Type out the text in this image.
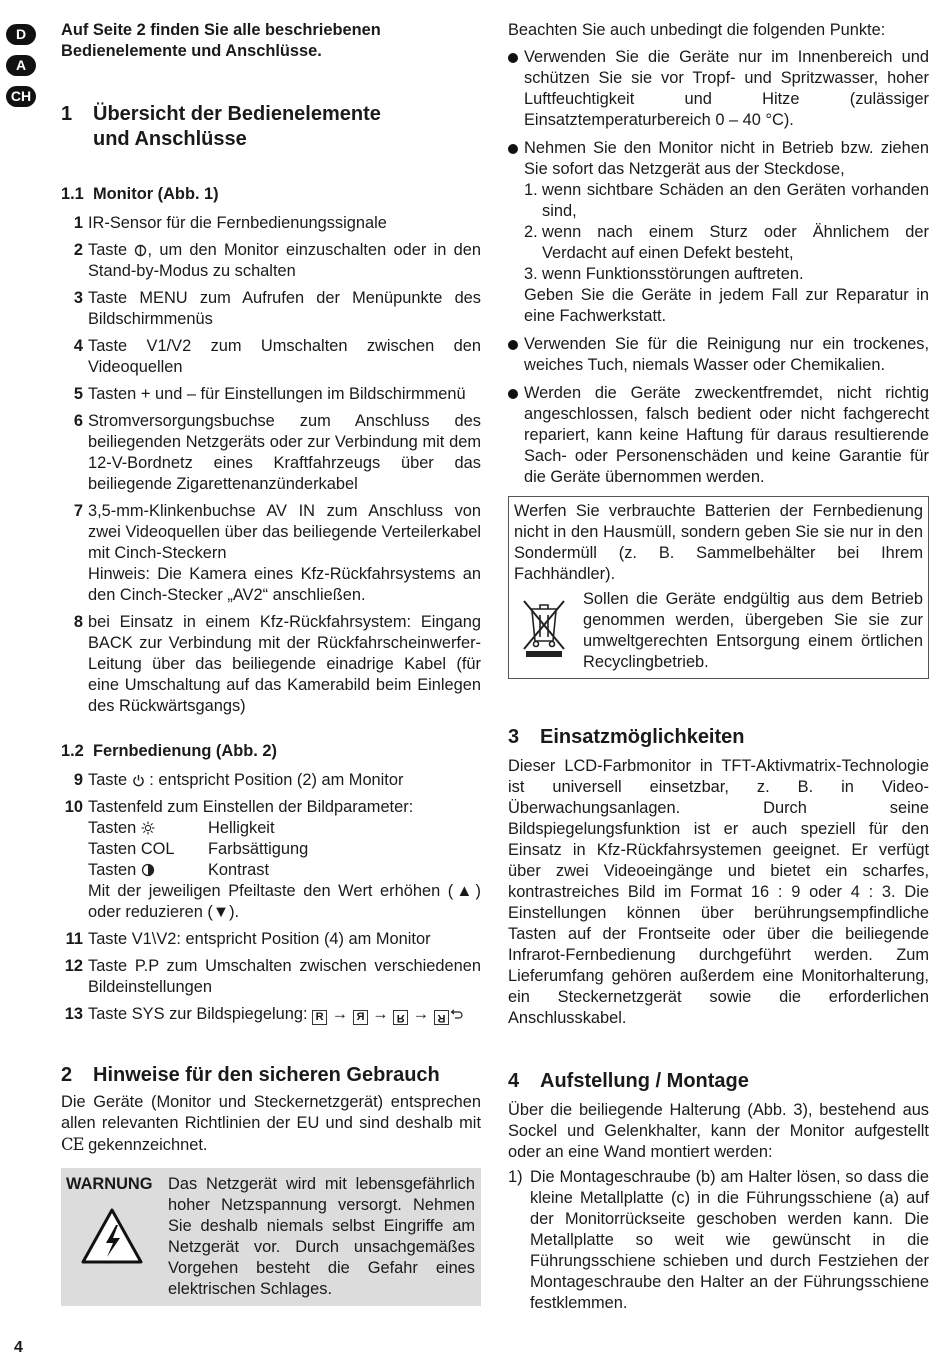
D
A
CH

Auf Seite 2 finden Sie alle beschriebenen Bedienelemente und Anschlüsse.

1	Übersicht der Bedienelemente
und Anschlüsse
1.1 Monitor (Abb. 1)
1 IR-Sensor für die Fernbedienungssignale
2 Taste , um den Monitor einzuschalten oder in den Stand-by-Modus zu schalten
3 Taste MENU zum Aufrufen der Menüpunkte des Bildschirmmenüs
4 Taste V1/V2 zum Umschalten zwischen den Videoquellen
5 Tasten + und – für Einstellungen im Bildschirmmenü
6 Stromversorgungsbuchse zum Anschluss des beiliegenden Netzgeräts oder zur Verbindung mit dem 12-V-Bordnetz eines Kraftfahrzeugs über das beiliegende Zigarettenanzünderkabel
7 3,5-mm-Klinkenbuchse AV IN zum Anschluss von zwei Videoquellen über das beiliegende Verteilerkabel mit Cinch-Steckern
Hinweis: Die Kamera eines Kfz-Rückfahrsystems an den Cinch-Stecker „AV2“ anschließen.
8 bei Einsatz in einem Kfz-Rückfahrsystem: Eingang BACK zur Verbindung mit der Rückfahrscheinwerfer-Leitung über das beiliegende einadrige Kabel (für eine Umschaltung auf das Kamerabild beim Einlegen des Rückwärtsgangs)
1.2 Fernbedienung (Abb. 2)
9 Taste  : entspricht Position (2) am Monitor
10 Tastenfeld zum Einstellen der Bildparameter:
Tasten	Helligkeit
Tasten COL	Farbsättigung
Tasten	Kontrast
Mit der jeweiligen Pfeiltaste den Wert erhöhen (▲) oder reduzieren (▼).
11 Taste V1\V2: entspricht Position (4) am Monitor
12 Taste P.P zum Umschalten zwischen verschiedenen Bildeinstellungen
13 Taste SYS zur Bildspiegelung: R → R → R → R
2	Hinweise für den sicheren Gebrauch

Die Geräte (Monitor und Steckernetzgerät) entsprechen allen relevanten Richtlinien der EU und sind deshalb mit CE gekennzeichnet.

WARNUNG Das Netzgerät wird mit lebensgefährlich hoher Netzspannung versorgt. Nehmen Sie deshalb niemals selbst Eingriffe am Netzgerät vor. Durch unsachgemäßes Vorgehen besteht die Gefahr eines elektrischen Schlages.

Beachten Sie auch unbedingt die folgenden Punkte:

Verwenden Sie die Geräte nur im Innenbereich und schützen Sie sie vor Tropf- und Spritzwasser, hoher Luftfeuchtigkeit und Hitze (zulässiger Einsatztemperaturbereich 0 – 40 °C).
Nehmen Sie den Monitor nicht in Betrieb bzw. ziehen Sie sofort das Netzgerät aus der Steckdose,
1. wenn sichtbare Schäden an den Geräten vorhanden sind,
2. wenn nach einem Sturz oder Ähnlichem der Verdacht auf einen Defekt besteht,
3. wenn Funktionsstörungen auftreten.
Geben Sie die Geräte in jedem Fall zur Reparatur in eine Fachwerkstatt.
Verwenden Sie für die Reinigung nur ein trockenes, weiches Tuch, niemals Wasser oder Chemikalien.
Werden die Geräte zweckentfremdet, nicht richtig angeschlossen, falsch bedient oder nicht fachgerecht repariert, kann keine Haftung für daraus resultierende Sach- oder Personenschäden und keine Garantie für die Geräte übernommen werden.

Werfen Sie verbrauchte Batterien der Fernbedienung nicht in den Hausmüll, sondern geben Sie sie nur in den Sondermüll (z. B. Sammelbehälter bei Ihrem Fachhändler).

Sollen die Geräte endgültig aus dem Betrieb genommen werden, übergeben Sie sie zur umweltgerechten Entsorgung einem örtlichen Recyclingbetrieb.

3	Einsatzmöglichkeiten

Dieser LCD-Farbmonitor in TFT-Aktivmatrix-Technologie ist universell einsetzbar, z. B. in Video-Überwachungsanlagen. Durch seine Bildspiegelungsfunktion ist er auch speziell für den Einsatz in Kfz-Rückfahrsystemen geeignet. Er verfügt über zwei Videoeingänge und bietet ein scharfes, kontrastreiches Bild im Format 16 : 9 oder 4 : 3. Die Einstellungen können über berührungsempfindliche Tasten auf der Frontseite oder über die beiliegende Infrarot-Fernbedienung durchgeführt werden. Zum Lieferumfang gehören außerdem eine Monitorhalterung, ein Steckernetzgerät sowie die erforderlichen Anschlusskabel.

4	Aufstellung / Montage

Über die beiliegende Halterung (Abb. 3), bestehend aus Sockel und Gelenkhalter, kann der Monitor aufgestellt oder an eine Wand montiert werden:

1) Die Montageschraube (b) am Halter lösen, so dass die kleine Metallplatte (c) in die Führungsschiene (a) auf der Monitorrückseite geschoben werden kann. Die Metallplatte so weit wie gewünscht in die Führungsschiene schieben und durch Festziehen der Montageschraube den Halter an der Führungsschiene festklemmen.
4
